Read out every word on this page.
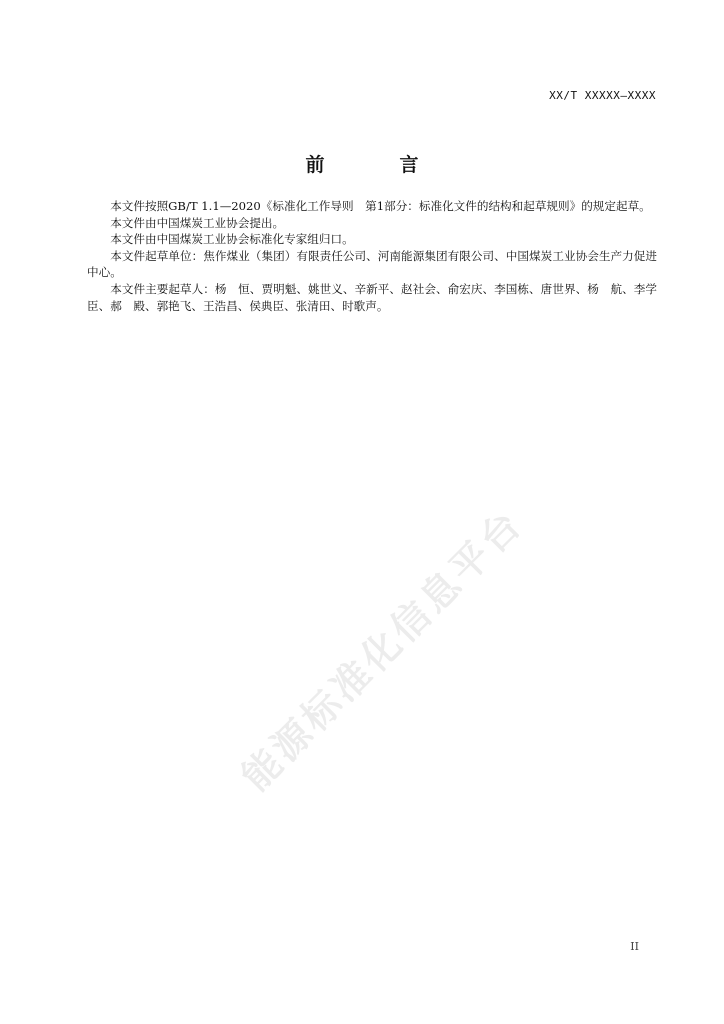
XX/T XXXXX—XXXX
前　言

本文件按照GB/T 1.1—2020《标准化工作导则　第1部分：标准化文件的结构和起草规则》的规定起草。

本文件由中国煤炭工业协会提出。

本文件由中国煤炭工业协会标准化专家组归口。

本文件起草单位：焦作煤业（集团）有限责任公司、河南能源集团有限公司、中国煤炭工业协会生产力促进中心。

本文件主要起草人：杨　恒、贾明魁、姚世义、辛新平、赵社会、俞宏庆、李国栋、唐世界、杨　航、李学臣、郝　殿、郭艳飞、王浩昌、侯典臣、张清田、时歌声。

能源标准化信息平台
II
